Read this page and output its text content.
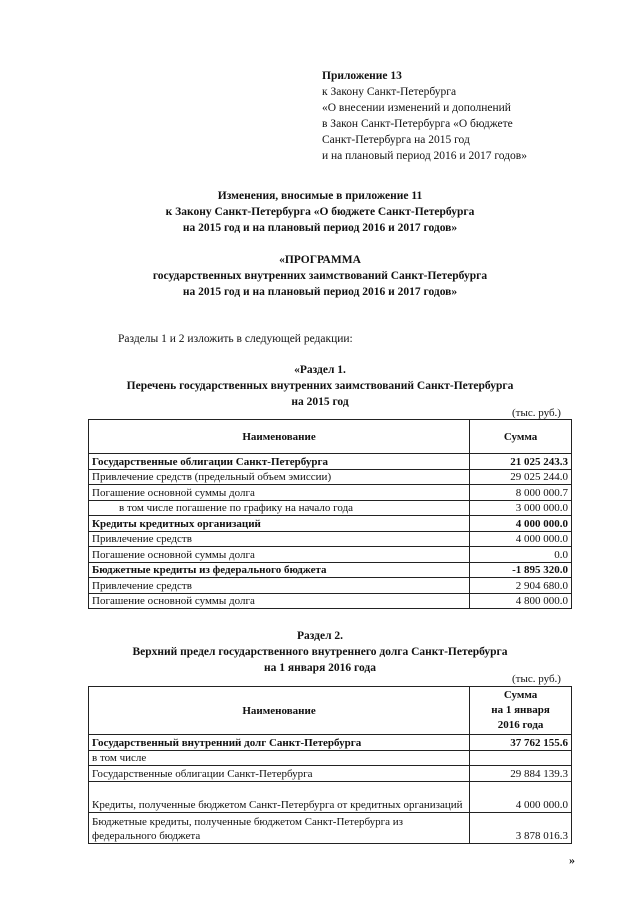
Приложение 13
к Закону Санкт-Петербурга
«О внесении изменений и дополнений
в Закон Санкт-Петербурга «О бюджете
Санкт-Петербурга на 2015 год
и на плановый период 2016 и 2017 годов»
Изменения, вносимые в приложение 11
к Закону Санкт-Петербурга «О бюджете Санкт-Петербурга
на 2015 год и на плановый период 2016 и 2017 годов»
«ПРОГРАММА
государственных внутренних заимствований Санкт-Петербурга
на 2015 год и на плановый период 2016 и 2017 годов»
Разделы 1 и 2 изложить в следующей редакции:
«Раздел 1.
Перечень государственных внутренних заимствований Санкт-Петербурга
на 2015 год
(тыс. руб.)
Наименование	Сумма
Государственные облигации Санкт-Петербурга	21 025 243.3
Привлечение средств (предельный объем эмиссии)	29 025 244.0
Погашение основной суммы долга	8 000 000.7
в том числе погашение по графику на начало года	3 000 000.0
Кредиты кредитных организаций	4 000 000.0
Привлечение средств	4 000 000.0
Погашение основной суммы долга	0.0
Бюджетные кредиты из федерального бюджета	-1 895 320.0
Привлечение средств	2 904 680.0
Погашение основной суммы долга	4 800 000.0
Раздел 2.
Верхний предел государственного внутреннего долга Санкт-Петербурга
на 1 января 2016 года
(тыс. руб.)
Наименование	Сумма
на 1 января
2016 года

Государственный внутренний долг Санкт-Петербурга	37 762 155.6
в том числе	
Государственные облигации Санкт-Петербурга	29 884 139.3
Кредиты, полученные бюджетом Санкт-Петербурга от кредитных организаций	4 000 000.0
Бюджетные кредиты, полученные бюджетом Санкт-Петербурга из федерального бюджета	3 878 016.3
»
